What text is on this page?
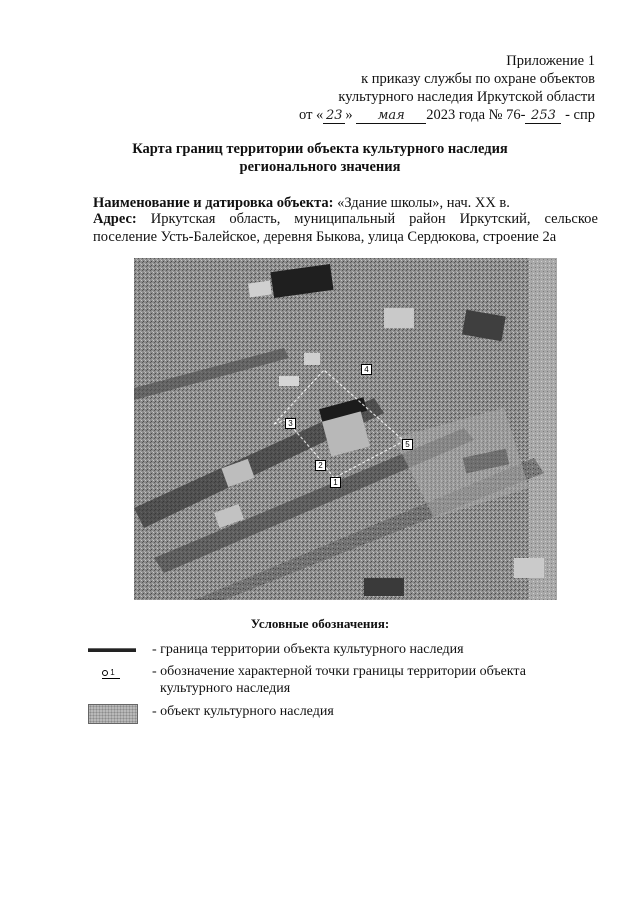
Приложение 1
к приказу службы по охране объектов
культурного наследия Иркутской области
от « 23 » мая 2023 года № 76- 253 - спр
Карта границ территории объекта культурного наследия
регионального значения
Наименование и датировка объекта: «Здание школы», нач. XX в.
Адрес: Иркутская область, муниципальный район Иркутский, сельское поселение Усть-Балейское, деревня Быкова, улица Сердюкова, строение 2а
1
2
3
4
5
Условные обозначения:
- граница территории объекта культурного наследия
1	- обозначение характерной точки границы территории объекта
культурного наследия
- объект культурного наследия
